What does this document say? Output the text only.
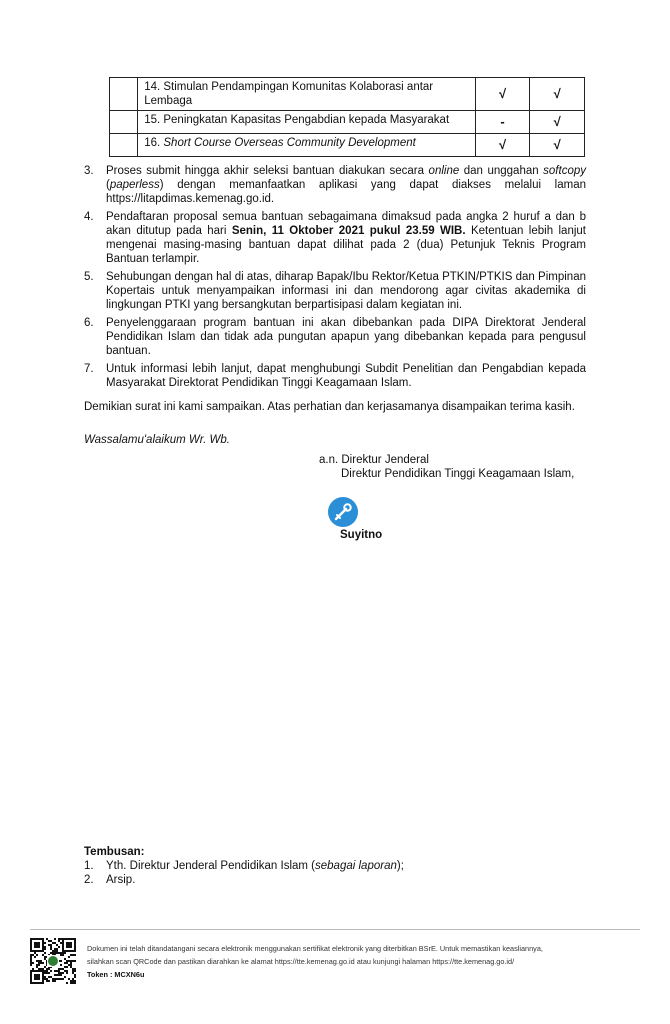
	14. Stimulan Pendampingan Komunitas Kolaborasi antar Lembaga	√	√
	15. Peningkatan Kapasitas Pengabdian kepada Masyarakat	-	√
	16. Short Course Overseas Community Development	√	√
3. Proses submit hingga akhir seleksi bantuan diakukan secara online dan unggahan softcopy (paperless) dengan memanfaatkan aplikasi yang dapat diakses melalui laman https://litapdimas.kemenag.go.id.
4. Pendaftaran proposal semua bantuan sebagaimana dimaksud pada angka 2 huruf a dan b akan ditutup pada hari Senin, 11 Oktober 2021 pukul 23.59 WIB. Ketentuan lebih lanjut mengenai masing-masing bantuan dapat dilihat pada 2 (dua) Petunjuk Teknis Program Bantuan terlampir.
5. Sehubungan dengan hal di atas, diharap Bapak/Ibu Rektor/Ketua PTKIN/PTKIS dan Pimpinan Kopertais untuk menyampaikan informasi ini dan mendorong agar civitas akademika di lingkungan PTKI yang bersangkutan berpartisipasi dalam kegiatan ini.
6. Penyelenggaraan program bantuan ini akan dibebankan pada DIPA Direktorat Jenderal Pendidikan Islam dan tidak ada pungutan apapun yang dibebankan kepada para pengusul bantuan.
7. Untuk informasi lebih lanjut, dapat menghubungi Subdit Penelitian dan Pengabdian kepada Masyarakat Direktorat Pendidikan Tinggi Keagamaan Islam.
Demikian surat ini kami sampaikan. Atas perhatian dan kerjasamanya disampaikan terima kasih.
Wassalamu'alaikum Wr. Wb.
a.n. Direktur Jenderal
Direktur Pendidikan Tinggi Keagamaan Islam,
Suyitno
Tembusan:
1. Yth. Direktur Jenderal Pendidikan Islam (sebagai laporan);
2. Arsip.
Dokumen ini telah ditandatangani secara elektronik menggunakan sertifikat elektronik yang diterbitkan BSrE. Untuk memastikan keasliannya,
silahkan scan QRCode dan pastikan diarahkan ke alamat https://tte.kemenag.go.id atau kunjungi halaman https://tte.kemenag.go.id/
Token : MCXN6u
